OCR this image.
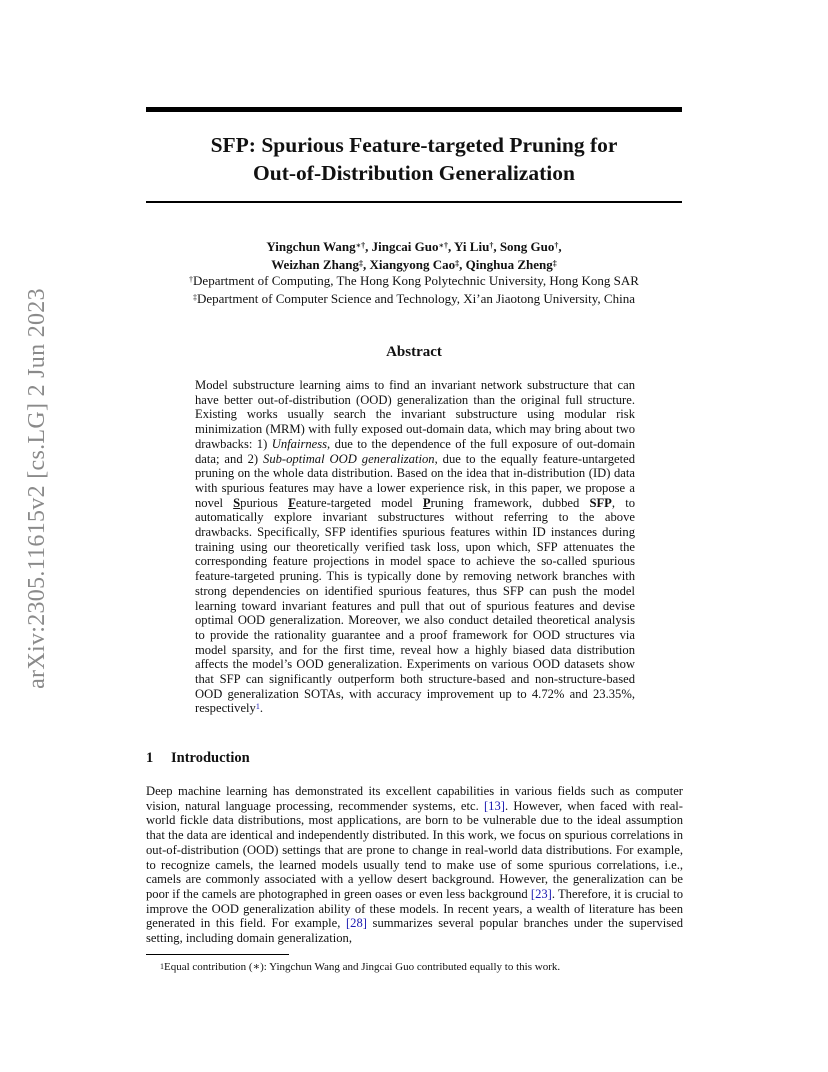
arXiv:2305.11615v2 [cs.LG] 2 Jun 2023
SFP: Spurious Feature-targeted Pruning for
Out-of-Distribution Generalization
Yingchun Wang∗†, Jingcai Guo∗†, Yi Liu†, Song Guo†,
Weizhan Zhang‡, Xiangyong Cao‡, Qinghua Zheng‡
†Department of Computing, The Hong Kong Polytechnic University, Hong Kong SAR
‡Department of Computer Science and Technology, Xi’an Jiaotong University, China
Abstract
Model substructure learning aims to find an invariant network substructure that can have better out-of-distribution (OOD) generalization than the original full structure. Existing works usually search the invariant substructure using modular risk minimization (MRM) with fully exposed out-domain data, which may bring about two drawbacks: 1) Unfairness, due to the dependence of the full exposure of out-domain data; and 2) Sub-optimal OOD generalization, due to the equally feature-untargeted pruning on the whole data distribution. Based on the idea that in-distribution (ID) data with spurious features may have a lower experience risk, in this paper, we propose a novel Spurious Feature-targeted model Pruning framework, dubbed SFP, to automatically explore invariant substructures without referring to the above drawbacks. Specifically, SFP identifies spurious features within ID instances during training using our theoretically verified task loss, upon which, SFP attenuates the corresponding feature projections in model space to achieve the so-called spurious feature-targeted pruning. This is typically done by removing network branches with strong dependencies on identified spurious features, thus SFP can push the model learning toward invariant features and pull that out of spurious features and devise optimal OOD generalization. Moreover, we also conduct detailed theoretical analysis to provide the rationality guarantee and a proof framework for OOD structures via model sparsity, and for the first time, reveal how a highly biased data distribution affects the model’s OOD generalization. Experiments on various OOD datasets show that SFP can significantly outperform both structure-based and non-structure-based OOD generalization SOTAs, with accuracy improvement up to 4.72% and 23.35%, respectively$^1$.
1 Introduction
Deep machine learning has demonstrated its excellent capabilities in various fields such as computer vision, natural language processing, recommender systems, etc. [13]. However, when faced with real-world fickle data distributions, most applications, are born to be vulnerable due to the ideal assumption that the data are identical and independently distributed. In this work, we focus on spurious correlations in out-of-distribution (OOD) settings that are prone to change in real-world data distributions. For example, to recognize camels, the learned models usually tend to make use of some spurious correlations, i.e., camels are commonly associated with a yellow desert background. However, the generalization can be poor if the camels are photographed in green oases or even less background [23]. Therefore, it is crucial to improve the OOD generalization ability of these models. In recent years, a wealth of literature has been generated in this field. For example, [28] summarizes several popular branches under the supervised setting, including domain generalization,
$^1$Equal contribution (∗): Yingchun Wang and Jingcai Guo contributed equally to this work.
